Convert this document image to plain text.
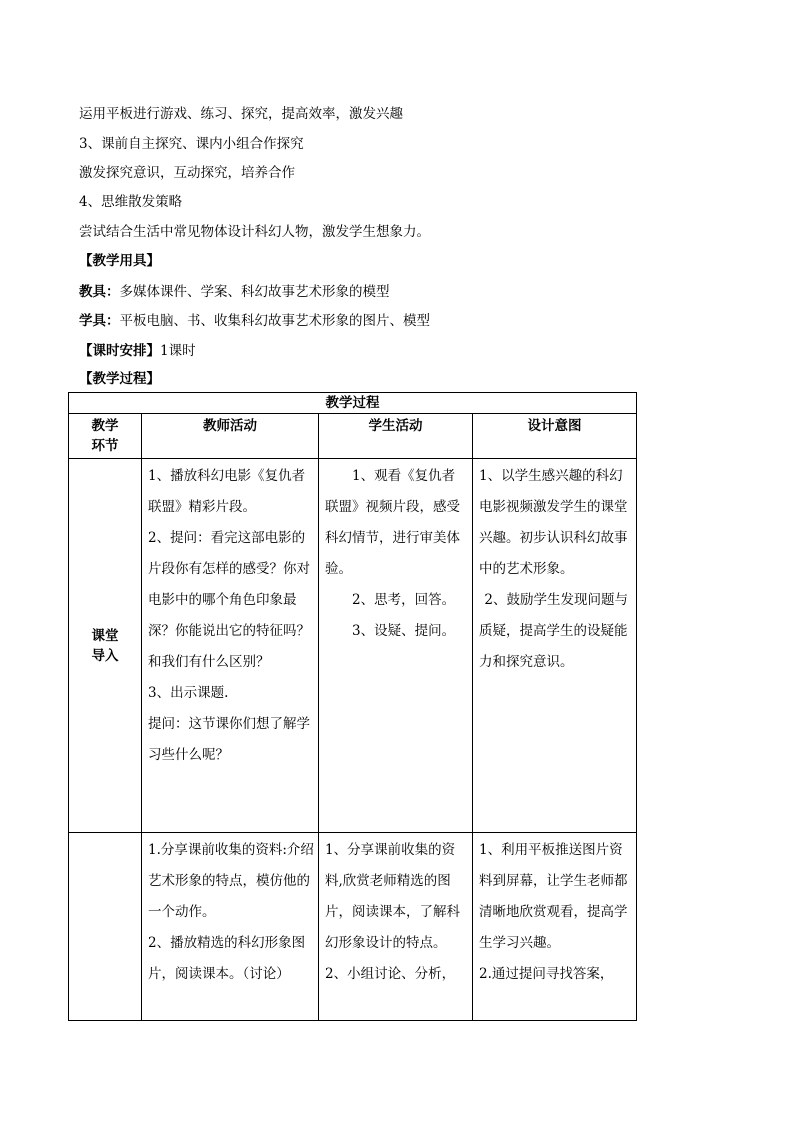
运用平板进行游戏、练习、探究，提高效率，激发兴趣
3、课前自主探究、课内小组合作探究
激发探究意识，互动探究，培养合作
4、思维散发策略
尝试结合生活中常见物体设计科幻人物，激发学生想象力。
【教学用具】
教具：多媒体课件、学案、科幻故事艺术形象的模型
学具：平板电脑、书、收集科幻故事艺术形象的图片、模型
【课时安排】1课时
【教学过程】
教学过程			

教学环节	教师活动	学生活动	设计意图

课堂导入	1、播放科幻电影《复仇者联盟》精彩片段。
2、提问：看完这部电影的片段你有怎样的感受？你对电影中的哪个角色印象最深？你能说出它的特征吗？和我们有什么区别？
3、出示课题.
提问：这节课你们想了解学习些什么呢？	1、观看《复仇者联盟》视频片段，感受科幻情节，进行审美体验。
2、思考，回答。
3、设疑、提问。	1、以学生感兴趣的科幻电影视频激发学生的课堂兴趣。初步认识科幻故事中的艺术形象。
2、鼓励学生发现问题与质疑，提高学生的设疑能力和探究意识。

	1.分享课前收集的资料:介绍艺术形象的特点，模仿他的一个动作。
2、播放精选的科幻形象图片，阅读课本。（讨论）	1、分享课前收集的资料,欣赏老师精选的图片，阅读课本，了解科幻形象设计的特点。
2、小组讨论、分析，	1、利用平板推送图片资料到屏幕，让学生老师都清晰地欣赏观看，提高学生学习兴趣。
2.通过提问寻找答案，
